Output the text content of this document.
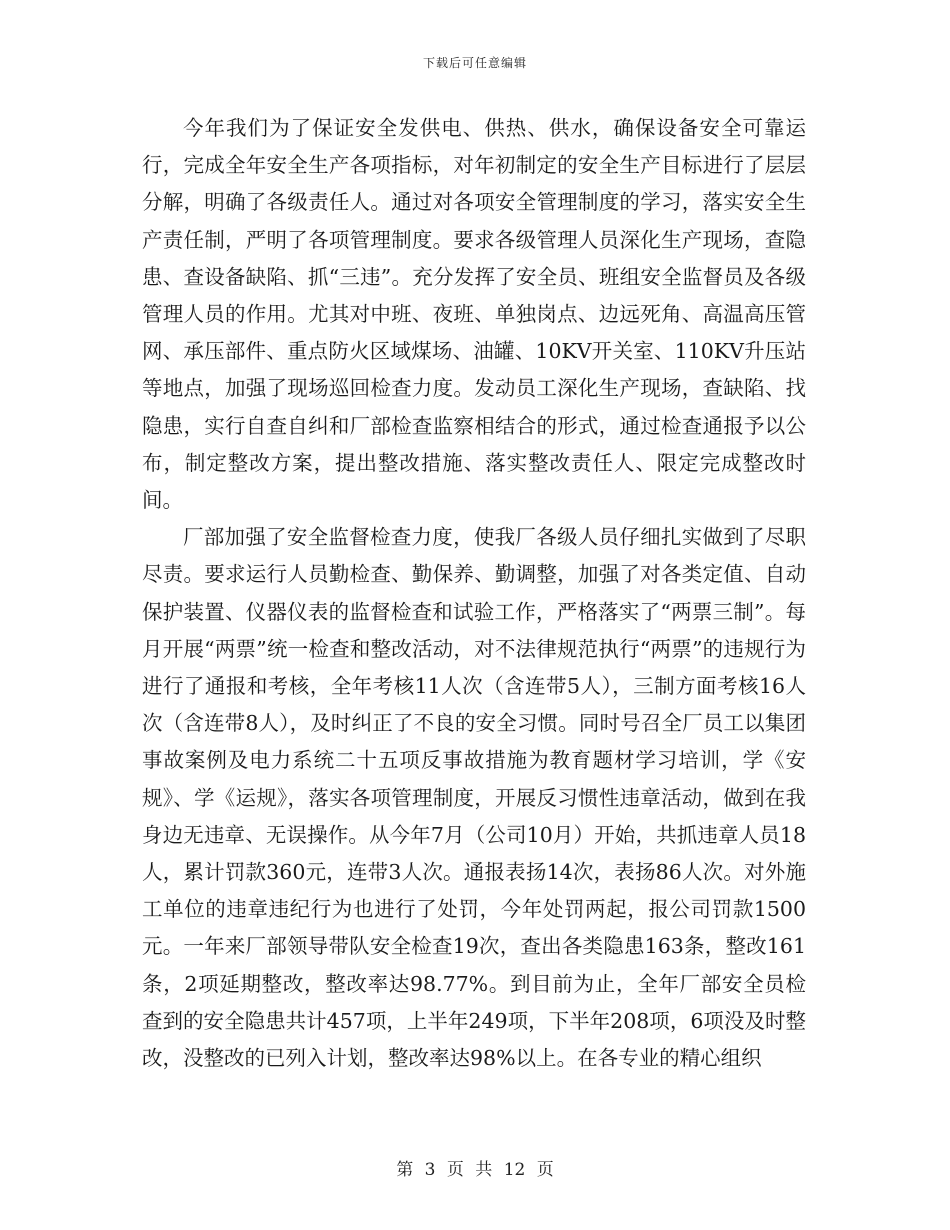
下载后可任意编辑

今年我们为了保证安全发供电、供热、供水，确保设备安全可靠运行，完成全年安全生产各项指标，对年初制定的安全生产目标进行了层层分解，明确了各级责任人。通过对各项安全管理制度的学习，落实安全生产责任制，严明了各项管理制度。要求各级管理人员深化生产现场，查隐患、查设备缺陷、抓“三违”。充分发挥了安全员、班组安全监督员及各级管理人员的作用。尤其对中班、夜班、单独岗点、边远死角、高温高压管网、承压部件、重点防火区域煤场、油罐、10KV开关室、110KV升压站等地点，加强了现场巡回检查力度。发动员工深化生产现场，查缺陷、找隐患，实行自查自纠和厂部检查监察相结合的形式，通过检查通报予以公布，制定整改方案，提出整改措施、落实整改责任人、限定完成整改时间。

厂部加强了安全监督检查力度，使我厂各级人员仔细扎实做到了尽职尽责。要求运行人员勤检查、勤保养、勤调整，加强了对各类定值、自动保护装置、仪器仪表的监督检查和试验工作，严格落实了“两票三制”。每月开展“两票”统一检查和整改活动，对不法律规范执行“两票”的违规行为进行了通报和考核，全年考核11人次（含连带5人），三制方面考核16人次（含连带8人），及时纠正了不良的安全习惯。同时号召全厂员工以集团事故案例及电力系统二十五项反事故措施为教育题材学习培训，学《安规》、学《运规》，落实各项管理制度，开展反习惯性违章活动，做到在我身边无违章、无误操作。从今年7月（公司10月）开始，共抓违章人员18人，累计罚款360元，连带3人次。通报表扬14次，表扬86人次。对外施工单位的违章违纪行为也进行了处罚，今年处罚两起，报公司罚款1500元。一年来厂部领导带队安全检查19次，查出各类隐患163条，整改161条，2项延期整改，整改率达98.77%。到目前为止，全年厂部安全员检查到的安全隐患共计457项，上半年249项，下半年208项，6项没及时整改，没整改的已列入计划，整改率达98%以上。在各专业的精心组织

第 3 页 共 12 页
